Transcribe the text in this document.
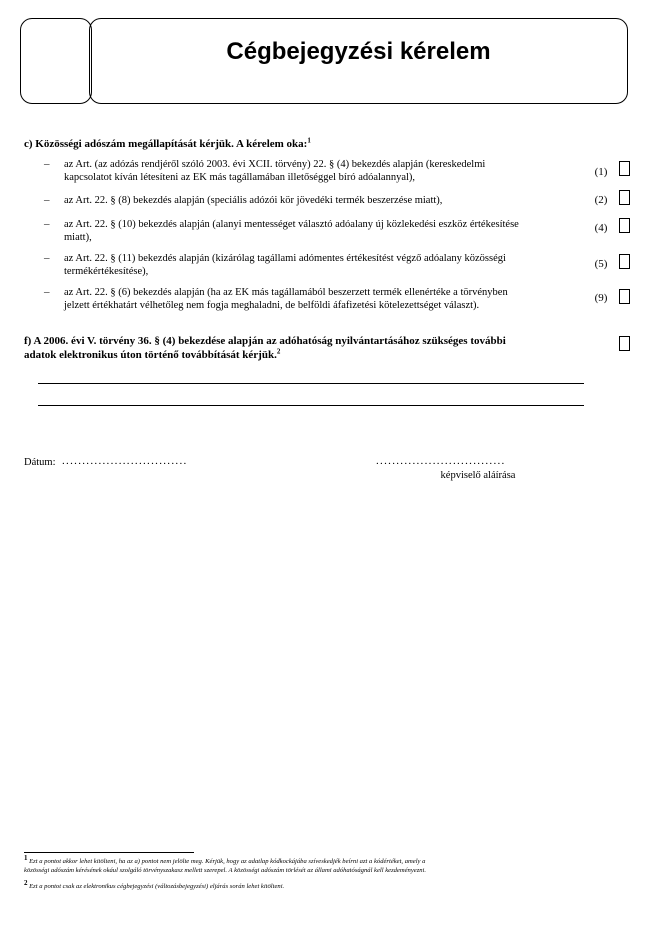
Cégbejegyzési kérelem
c) Közösségi adószám megállapítását kérjük. A kérelem oka:$^1$
– az Art. (az adózás rendjéről szóló 2003. évi XCII. törvény) 22. § (4) bekezdés alapján (kereskedelmi
kapcsolatot kíván létesíteni az EK más tagállamában illetőséggel bíró adóalannyal),	(1)
– az Art. 22. § (8) bekezdés alapján (speciális adózói kör jövedéki termék beszerzése miatt),	(2)
– az Art. 22. § (10) bekezdés alapján (alanyi mentességet választó adóalany új közlekedési eszköz értékesítése
miatt),
(4)
– az Art. 22. § (11) bekezdés alapján (kizárólag tagállami adómentes értékesítést végző adóalany közösségi
termékértékesítése),
(5)
– az Art. 22. § (6) bekezdés alapján (ha az EK más tagállamából beszerzett termék ellenértéke a törvényben
jelzett értékhatárt vélhetőleg nem fogja meghaladni, de belföldi áfafizetési kötelezettséget választ).
(9)
f) A 2006. évi V. törvény 36. § (4) bekezdése alapján az adóhatóság nyilvántartásához szükséges további
adatok elektronikus úton történő továbbítását kérjük.$^2$
Dátum: ...............................	................................
képviselő aláírása
1 Ezt a pontot akkor lehet kitölteni, ha az a) pontot nem jelölte meg. Kérjük, hogy az adatlap kódkockájába szíveskedjék beírni azt a kódértéket, amely a
közösségi adószám kérésének okául szolgáló törvényszakasz mellett szerepel. A közösségi adószám törlését az állami adóhatóságnál kell kezdeményezni.
2 Ezt a pontot csak az elektronikus cégbejegyzési (változásbejegyzési) eljárás során lehet kitölteni.
